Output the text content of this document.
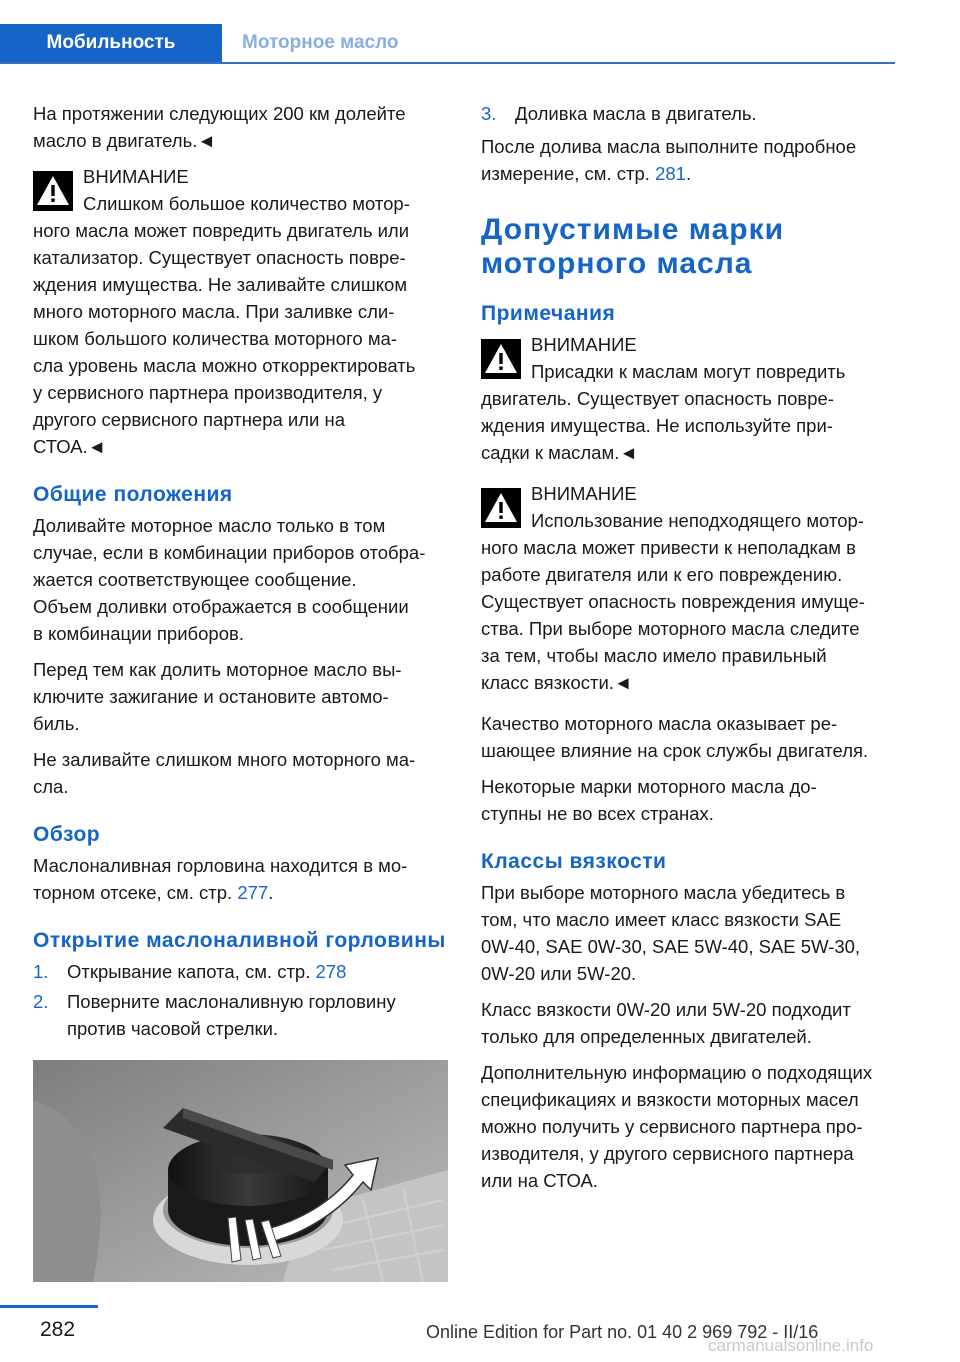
Мобильность	Моторное масло

На протяжении следующих 200 км долейте
масло в двигатель.◄

ВНИМАНИЕ
Слишком большое количество мотор-
ного масла может повредить двигатель или
катализатор. Существует опасность повре-
ждения имущества. Не заливайте слишком
много моторного масла. При заливке сли-
шком большого количества моторного ма-
сла уровень масла можно откорректировать
у сервисного партнера производителя, у
другого сервисного партнера или на
СТОА.◄
Общие положения

Доливайте моторное масло только в том
случае, если в комбинации приборов отобра-
жается соответствующее сообщение.
Объем доливки отображается в сообщении
в комбинации приборов.

Перед тем как долить моторное масло вы-
ключите зажигание и остановите автомо-
биль.

Не заливайте слишком много моторного ма-
сла.

Обзор

Маслоналивная горловина находится в мо-
торном отсеке, см. стр. 277.

Открытие маслоналивной горловины
1.	Открывание капота, см. стр. 278
2.	Поверните маслоналивную горловину против часовой стрелки.
3.	Доливка масла в двигатель.

После долива масла выполните подробное
измерение, см. стр. 281.

Допустимые марки
моторного масла
Примечания
ВНИМАНИЕ
Присадки к маслам могут повредить
двигатель. Существует опасность повре-
ждения имущества. Не используйте при-
садки к маслам.◄
ВНИМАНИЕ
Использование неподходящего мотор-
ного масла может привести к неполадкам в
работе двигателя или к его повреждению.
Существует опасность повреждения имуще-
ства. При выборе моторного масла следите
за тем, чтобы масло имело правильный
класс вязкости.◄

Качество моторного масла оказывает ре-
шающее влияние на срок службы двигателя.

Некоторые марки моторного масла до-
ступны не во всех странах.

Классы вязкости

При выборе моторного масла убедитесь в
том, что масло имеет класс вязкости SAE
0W-40, SAE 0W-30, SAE 5W-40, SAE 5W-30,
0W-20 или 5W-20.

Класс вязкости 0W-20 или 5W-20 подходит
только для определенных двигателей.

Дополнительную информацию о подходящих
спецификациях и вязкости моторных масел
можно получить у сервисного партнера про-
изводителя, у другого сервисного партнера
или на СТОА.

282	Online Edition for Part no. 01 40 2 969 792 - II/16
carmanualsonline.info
